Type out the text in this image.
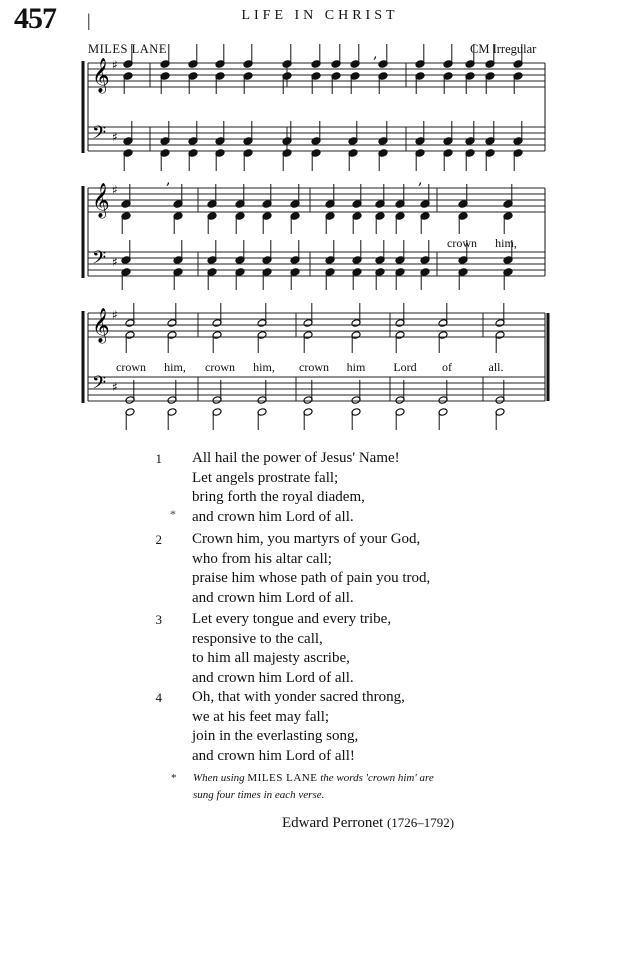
457 |	LIFE IN CHRIST
MILES LANE	CM Irregular
𝄞 ♯
𝄢 ♯
𝄞 ♯
𝄢 ♯
𝄞 ♯
𝄢 ♯
,
,	,
crown	him,
crown	him,	crown	him,	crown	him	Lord	of	all.
1	All hail the power of Jesus' Name!
Let angels prostrate fall;
bring forth the royal diadem,
and crown him Lord of all.
*
2	Crown him, you martyrs of your God,
who from his altar call;
praise him whose path of pain you trod,
and crown him Lord of all.
3	Let every tongue and every tribe,
responsive to the call,
to him all majesty ascribe,
and crown him Lord of all.
4	Oh, that with yonder sacred throng,
we at his feet may fall;
join in the everlasting song,
and crown him Lord of all!
*	When using MILES LANE the words 'crown him' are
sung four times in each verse.
Edward Perronet (1726–1792)
